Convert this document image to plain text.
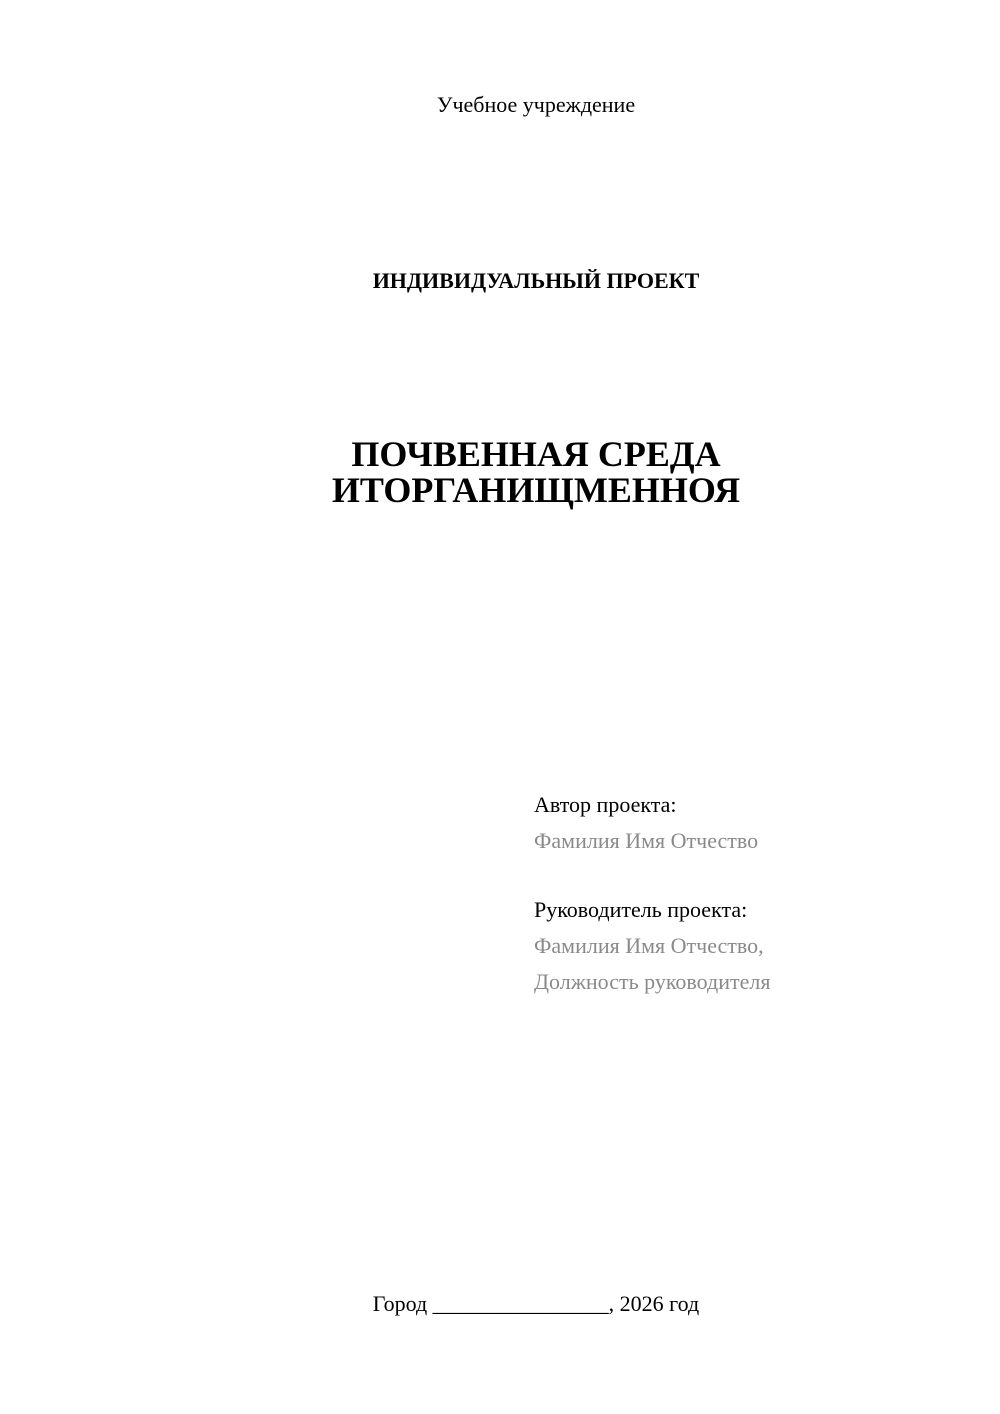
Учебное учреждение
ИНДИВИДУАЛЬНЫЙ ПРОЕКТ
ПОЧВЕННАЯ СРЕДА
ИТОРГАНИЩМЕННОЯ
Автор проекта:
Фамилия Имя Отчество
Руководитель проекта:
Фамилия Имя Отчество,
Должность руководителя
Город ________________, 2026 год
